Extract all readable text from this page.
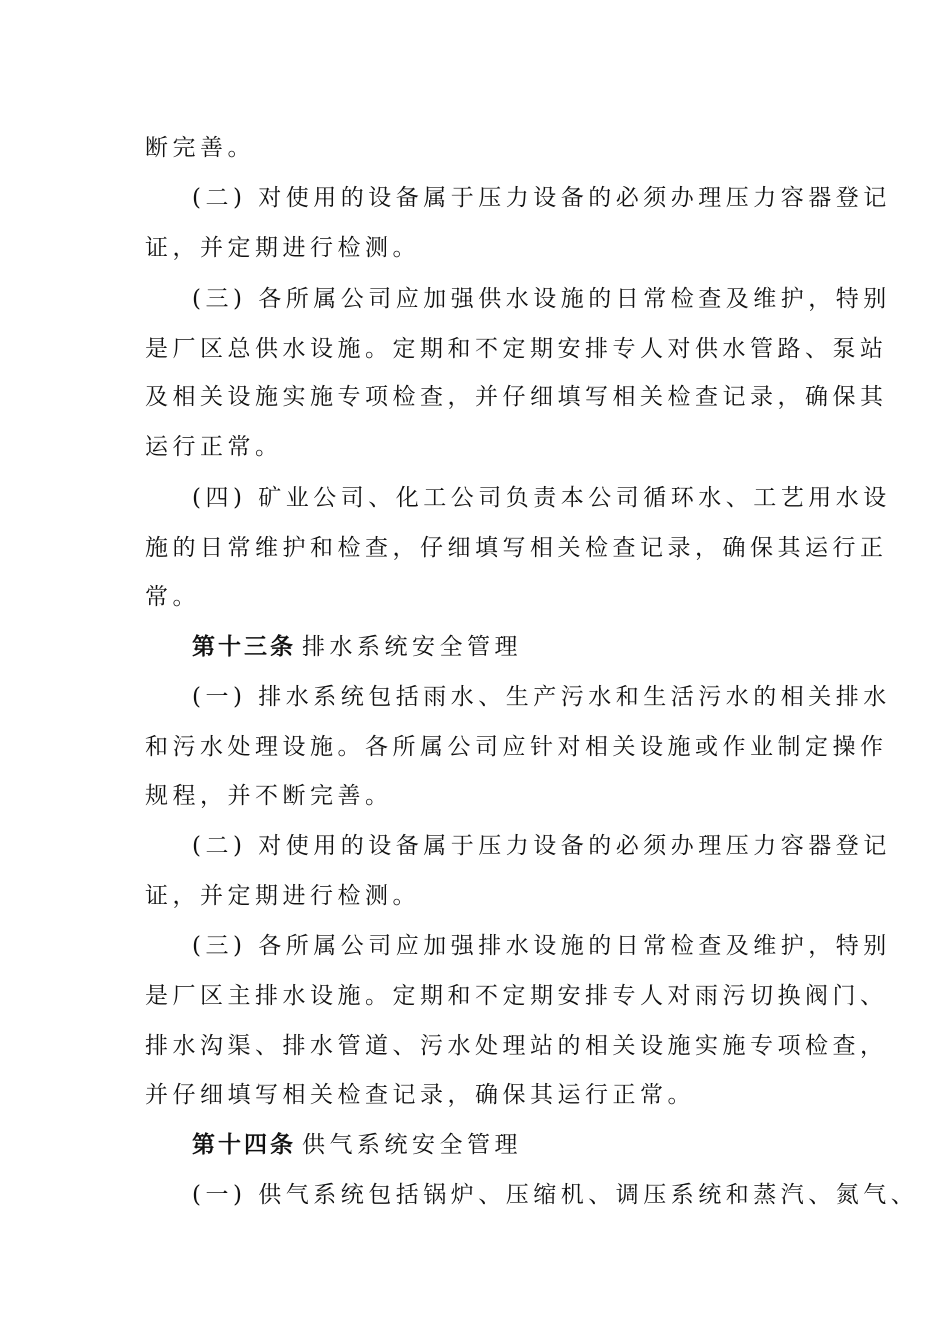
断完善。
(二) 对使用的设备属于压力设备的必须办理压力容器登记
证，并定期进行检测。
(三) 各所属公司应加强供水设施的日常检查及维护，特别
是厂区总供水设施。定期和不定期安排专人对供水管路、泵站
及相关设施实施专项检查，并仔细填写相关检查记录，确保其
运行正常。
(四) 矿业公司、化工公司负责本公司循环水、工艺用水设
施的日常维护和检查，仔细填写相关检查记录，确保其运行正
常。
第十三条 排水系统安全管理
(一) 排水系统包括雨水、生产污水和生活污水的相关排水
和污水处理设施。各所属公司应针对相关设施或作业制定操作
规程，并不断完善。
(二) 对使用的设备属于压力设备的必须办理压力容器登记
证，并定期进行检测。
(三) 各所属公司应加强排水设施的日常检查及维护，特别
是厂区主排水设施。定期和不定期安排专人对雨污切换阀门、
排水沟渠、排水管道、污水处理站的相关设施实施专项检查，
并仔细填写相关检查记录，确保其运行正常。
第十四条 供气系统安全管理
(一) 供气系统包括锅炉、压缩机、调压系统和蒸汽、氮气、
